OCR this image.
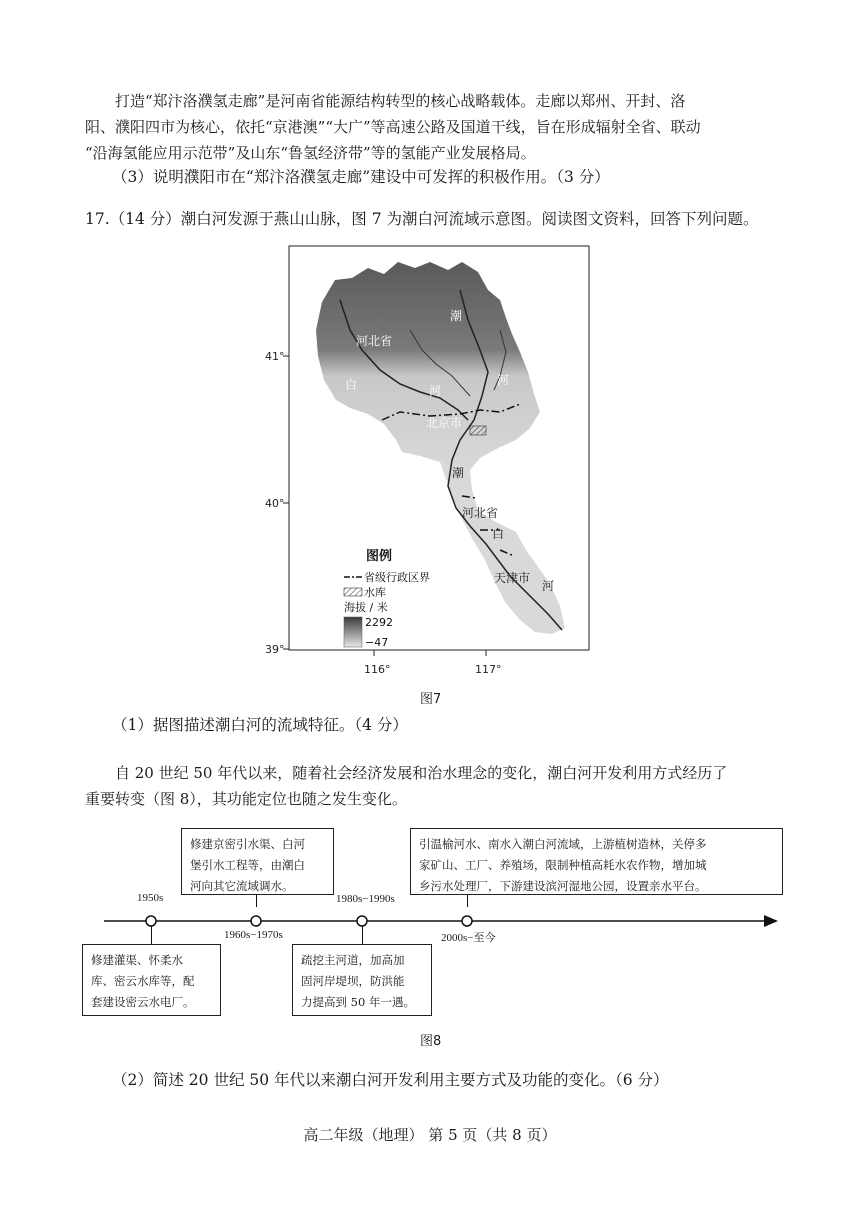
打造“郑汴洛濮氢走廊”是河南省能源结构转型的核心战略载体。走廊以郑州、开封、洛
阳、濮阳四市为核心，依托“京港澳”“大广”等高速公路及国道干线，旨在形成辐射全省、联动
“沿海氢能应用示范带”及山东“鲁氢经济带”等的氢能产业发展格局。
（3）说明濮阳市在“郑汴洛濮氢走廊”建设中可发挥的积极作用。（3 分）
17.（14 分）潮白河发源于燕山山脉，图 7 为潮白河流域示意图。阅读图文资料，回答下列问题。
河北省
潮
河
白	河
北京市
潮
河北省
白
天津市
河
41°
40°
39°
116°	117°
图例
省级行政区界
水库
海拔 / 米
2292
−47
图7
（1）据图描述潮白河的流域特征。（4 分）
自 20 世纪 50 年代以来，随着社会经济发展和治水理念的变化，潮白河开发利用方式经历了
重要转变（图 8），其功能定位也随之发生变化。
1950s
1960s−1970s
1980s−1990s
2000s−至今
修建京密引水渠、白河
堡引水工程等，由潮白
河向其它流域调水。
引温榆河水、南水入潮白河流域，上游植树造林，关停多
家矿山、工厂、养殖场，限制种植高耗水农作物，增加城
乡污水处理厂，下游建设滨河湿地公园，设置亲水平台。
修建灌渠、怀柔水
库、密云水库等，配
套建设密云水电厂。
疏挖主河道，加高加
固河岸堤坝，防洪能
力提高到 50 年一遇。
图8
（2）简述 20 世纪 50 年代以来潮白河开发利用主要方式及功能的变化。（6 分）
高二年级（地理） 第 5 页（共 8 页）
